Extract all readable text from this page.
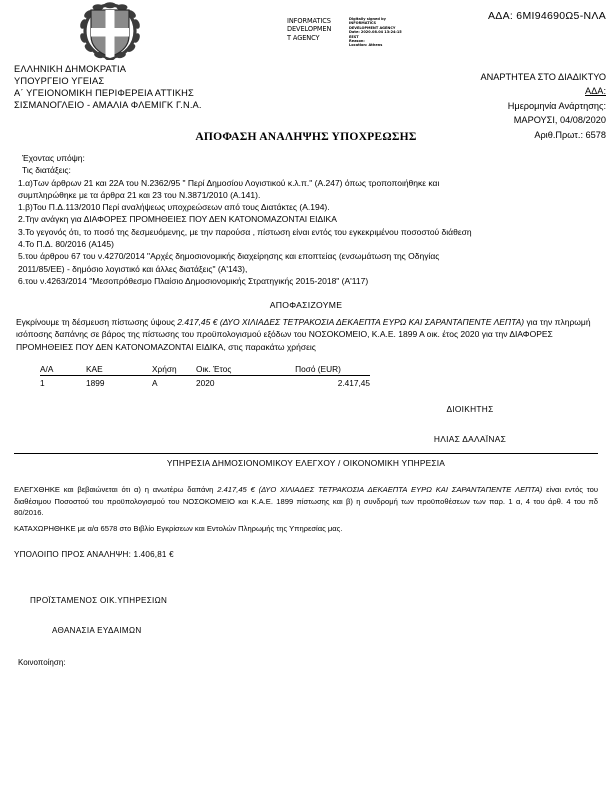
INFORMATICS
DEVELOPMEN
T AGENCY
Digitally signed by
INFORMATICS
DEVELOPMENT AGENCY
Date: 2020.08.04 13:24:15
EEST
Reason:
Location: Athens
ΑΔΑ: 6ΜΙ94690Ω5-ΝΛΑ
ΕΛΛΗΝΙΚΗ ΔΗΜΟΚΡΑΤΙΑ
ΥΠΟΥΡΓΕΙΟ ΥΓΕΙΑΣ
Α΄ ΥΓΕΙΟΝΟΜΙΚΗ ΠΕΡΙΦΕΡΕΙΑ ΑΤΤΙΚΗΣ
ΣΙΣΜΑΝΟΓΛΕΙΟ - ΑΜΑΛΙΑ ΦΛΕΜΙΓΚ Γ.Ν.Α.
ΑΝΑΡΤΗΤΕΑ ΣΤΟ ΔΙΑΔΙΚΤΥΟ
ΑΔΑ:
Ημερομηνία Ανάρτησης:
ΜΑΡΟΥΣΙ, 04/08/2020
Αριθ.Πρωτ.: 6578
ΑΠΟΦΑΣΗ ΑΝΑΛΗΨΗΣ ΥΠΟΧΡΕΩΣΗΣ
Έχοντας υπόψη:
Τις διατάξεις:
1.α)Των άρθρων 21 και 22Α του Ν.2362/95 " Περί Δημοσίου Λογιστικού κ.λ.π." (Α.247) όπως τροποποιήθηκε και
συμπληρώθηκε με τα άρθρα 21 και 23 του Ν.3871/2010 (Α.141).
1.β)Του Π.Δ.113/2010 Περί αναλήψεως υποχρεώσεων από τους Διατάκτες (Α.194).
2.Την ανάγκη για ΔΙΑΦΟΡΕΣ ΠΡΟΜΗΘΕΙΕΣ ΠΟΥ ΔΕΝ ΚΑΤΟΝΟΜΑΖΟΝΤΑΙ ΕΙΔΙΚΑ
3.Το γεγονός ότι, το ποσό της δεσμευόμενης, με την παρούσα , πίστωση είναι εντός του εγκεκριμένου ποσοστού διάθεση
4.Το Π.Δ. 80/2016 (Α145)
5.του άρθρου 67 του ν.4270/2014 "Αρχές δημοσιονομικής διαχείρησης και εποπτείας (ενσωμάτωση της Οδηγίας
2011/85/ΕΕ) - δημόσιο λογιστικό και άλλες διατάξεις" (Α'143),
6.του ν.4263/2014 "Μεσοπρόθεσμο Πλαίσιο Δημοσιονομικής Στρατηγικής 2015-2018" (Α'117)
ΑΠΟΦΑΣΙΖΟΥΜΕ
Εγκρίνουμε τη δέσμευση πίστωσης ύψους 2.417,45 € (ΔΥΟ ΧΙΛΙΑΔΕΣ ΤΕΤΡΑΚΟΣΙΑ ΔΕΚΑΕΠΤΑ ΕΥΡΩ ΚΑΙ ΣΑΡΑΝΤΑΠΕΝΤΕ ΛΕΠΤΑ) για την πληρωμή ισόποσης δαπάνης σε βάρος της πίστωσης του προϋπολογισμού εξόδων του ΝΟΣΟΚΟΜΕΙΟ, Κ.Α.Ε. 1899 Α οικ. έτος 2020 για την ΔΙΑΦΟΡΕΣ ΠΡΟΜΗΘΕΙΕΣ ΠΟΥ ΔΕΝ ΚΑΤΟΝΟΜΑΖΟΝΤΑΙ ΕΙΔΙΚΑ, στις παρακάτω χρήσεις
Α/Α	ΚΑΕ	Χρήση	Οικ. Έτος	Ποσό (EUR)
1	1899	Α	2020	2.417,45
ΔΙΟΙΚΗΤΗΣ
ΗΛΙΑΣ ΔΑΛΑΪΝΑΣ
ΥΠΗΡΕΣΙΑ ΔΗΜΟΣΙΟΝΟΜΙΚΟΥ ΕΛΕΓΧΟΥ / ΟΙΚΟΝΟΜΙΚΗ ΥΠΗΡΕΣΙΑ
ΕΛΕΓΧΘΗΚΕ και βεβαιώνεται ότι α) η ανωτέρω δαπάνη 2.417,45 € (ΔΥΟ ΧΙΛΙΑΔΕΣ ΤΕΤΡΑΚΟΣΙΑ ΔΕΚΑΕΠΤΑ ΕΥΡΩ ΚΑΙ ΣΑΡΑΝΤΑΠΕΝΤΕ ΛΕΠΤΑ) είναι εντός του διαθέσιμου Ποσοστού του προϋπολογισμού του ΝΟΣΟΚΟΜΕΙΟ και Κ.Α.Ε. 1899 πίστωσης και β) η συνδρομή των προϋποθέσεων των παρ. 1 α, 4 του άρθ. 4 του πδ 80/2016.
ΚΑΤΑΧΩΡΗΘΗΚΕ με α/α 6578 στο Βιβλίο Εγκρίσεων και Εντολών Πληρωμής της Υπηρεσίας μας.
ΥΠΟΛΟΙΠΟ ΠΡΟΣ ΑΝΑΛΗΨΗ: 1.406,81 €
ΠΡΟΪΣΤΑΜΕΝΟΣ ΟΙΚ.ΥΠΗΡΕΣΙΩΝ
ΑΘΑΝΑΣΙΑ ΕΥΔΑΙΜΩΝ
Κοινοποίηση:
